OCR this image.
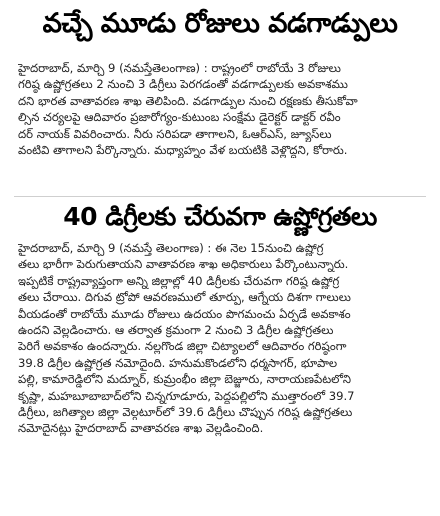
వచ్చే మూడు రోజులు వడగాడ్పులు
హైదరాబాద్, మార్చి 9 (నమస్తేతెలంగాణ) : రాష్ట్రంలో రాబోయే 3 రోజులు
గరిష్ఠ ఉష్ణోగ్రతలు 2 నుంచి 3 డిగ్రీలు పెరగడంతో వడగాడ్పులకు అవకాశము
దని భారత వాతావరణ శాఖ తెలిపింది. వడగాడ్పుల నుంచి రక్షణకు తీసుకోవా
ల్సిన చర్యలపై ఆదివారం ప్రజారోగ్యం-కుటుంబ సంక్షేమ డైరెక్టర్ డాక్టర్ రవీం
దర్ నాయక్ వివరించారు. నీరు సరిపడా తాగాలని, ఓఆర్ఎస్, జ్యూస్‌లు
వంటివి తాగాలని పేర్కొన్నారు. మధ్యాహ్నం వేళ బయటికి వెళ్లొద్దని, కోరారు.
40 డిగ్రీలకు చేరువగా ఉష్ణోగ్రతలు
హైదరాబాద్, మార్చి 9 (నమస్తే తెలంగాణ) : ఈ నెల 15నుంచి ఉష్ణోగ్ర
తలు భారీగా పెరుగుతాయని వాతావరణ శాఖ అధికారులు పేర్కొంటున్నారు.
ఇప్పటికే రాష్ట్రవ్యాప్తంగా అన్ని జిల్లాల్లో 40 డిగ్రీలకు చేరువగా గరిష్ఠ ఉష్ణోగ్ర
తలు చేరాయి. దిగువ ట్రోపో ఆవరణములో తూర్పు, ఆగ్నేయ దిశగా గాలులు
వీయడంతో రాబోయే మూడు రోజులు ఉదయం పొగమంచు ఏర్పడే అవకాశం
ఉందని వెల్లడించారు. ఆ తర్వాత క్రమంగా 2 నుంచి 3 డిగ్రీల ఉష్ణోగ్రతలు
పెరిగే అవకాశం ఉందన్నారు. నల్లగొండ జిల్లా చిట్యాలలో ఆదివారం గరిష్ఠంగా
39.8 డిగ్రీల ఉష్ణోగ్రత నమోదైంది. హనుమకొండలోని ధర్మసాగర్, భూపాల
పల్లి, కామారెడ్డిలోని మద్నూర్, కుమ్రంభీం జిల్లా బెజ్జూరు, నారాయణపేటలోని
కృష్ణా, మహబూబాబాద్‌లోని చిన్నగూడూరు, పెద్దపల్లిలోని ముత్తారంలో 39.7
డిగ్రీలు, జగిత్యాల జిల్లా వెల్గటూర్‌లో 39.6 డిగ్రీలు చొప్పున గరిష్ఠ ఉష్ణోగ్రతలు
నమోదైనట్లు హైదరాబాద్ వాతావరణ శాఖ వెల్లడించింది.
